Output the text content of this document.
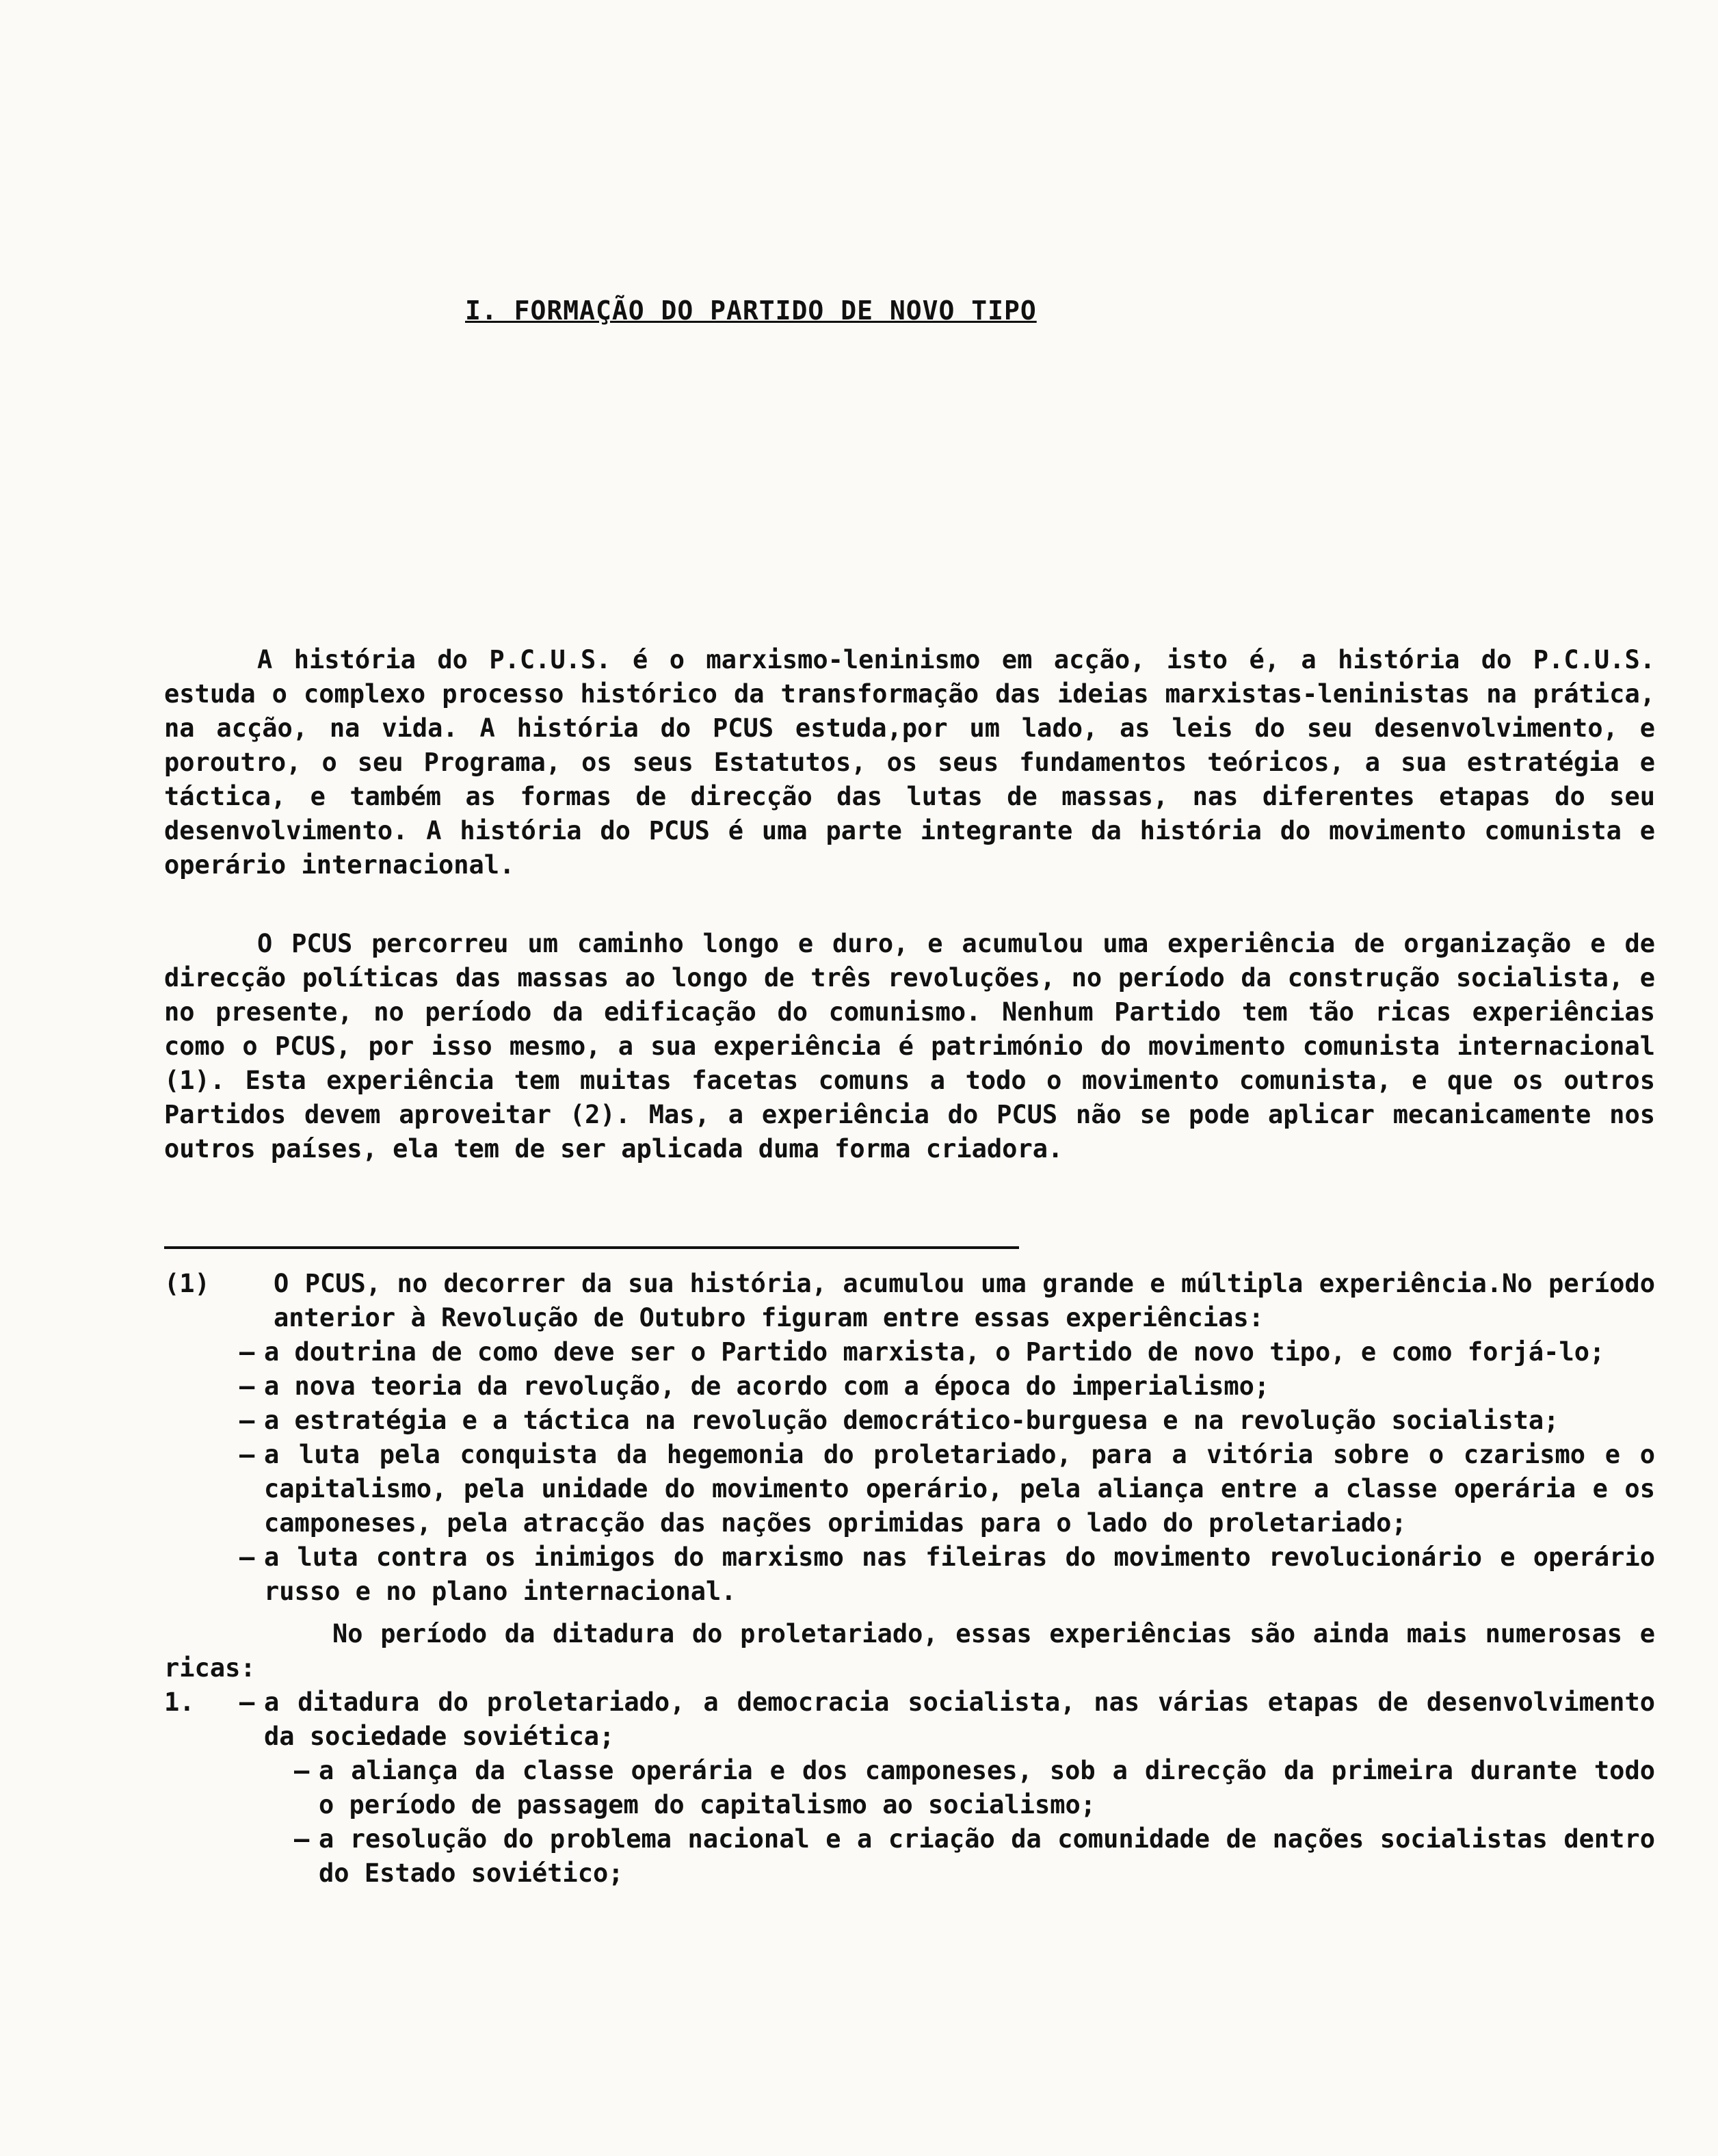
I. FORMAÇÃO DO PARTIDO DE NOVO TIPO

A história do P.C.U.S. é o marxismo-leninismo em acção, isto é, a história do P.C.U.S. estuda o complexo processo histórico da transformação das ideias marxistas-leninistas na prática, na acção, na vida. A história do PCUS estuda,por um lado, as leis do seu desenvolvimento, e poroutro, o seu Programa, os seus Estatutos, os seus fundamentos teóricos, a sua estratégia e táctica, e também as formas de direcção das lutas de massas, nas diferentes etapas do seu desenvolvimento. A história do PCUS é uma parte integrante da história do movimento comunista e operário internacional.

O PCUS percorreu um caminho longo e duro, e acumulou uma experiência de organização e de direcção políticas das massas ao longo de três revoluções, no período da construção socialista, e no presente, no período da edificação do comunismo. Nenhum Partido tem tão ricas experiências como o PCUS, por isso mesmo, a sua experiência é património do movimento comunista internacional (1). Esta experiência tem muitas facetas comuns a todo o movimento comunista, e que os outros Partidos devem aproveitar (2). Mas, a experiência do PCUS não se pode aplicar mecanicamente nos outros países, ela tem de ser aplicada duma forma criadora.

(1)	O PCUS, no decorrer da sua história, acumulou uma grande e múltipla experiência.No período anterior à Revolução de Outubro figuram entre essas experiências:
– a doutrina de como deve ser o Partido marxista, o Partido de novo tipo, e como forjá-lo;
– a nova teoria da revolução, de acordo com a época do imperialismo;
– a estratégia e a táctica na revolução democrático-burguesa e na revolução socialista;
– a luta pela conquista da hegemonia do proletariado, para a vitória sobre o czarismo e o capitalismo, pela unidade do movimento operário, pela aliança entre a classe operária e os camponeses, pela atracção das nações oprimidas para o lado do proletariado;
– a luta contra os inimigos do marxismo nas fileiras do movimento revolucionário e operário russo e no plano internacional.
No período da ditadura do proletariado, essas experiências são ainda mais numerosas e ricas:
1.	– a ditadura do proletariado, a democracia socialista, nas várias etapas de desenvolvimento da sociedade soviética;
– a aliança da classe operária e dos camponeses, sob a direcção da primeira durante todo o período de passagem do capitalismo ao socialismo;
– a resolução do problema nacional e a criação da comunidade de nações socialistas dentro do Estado soviético;
